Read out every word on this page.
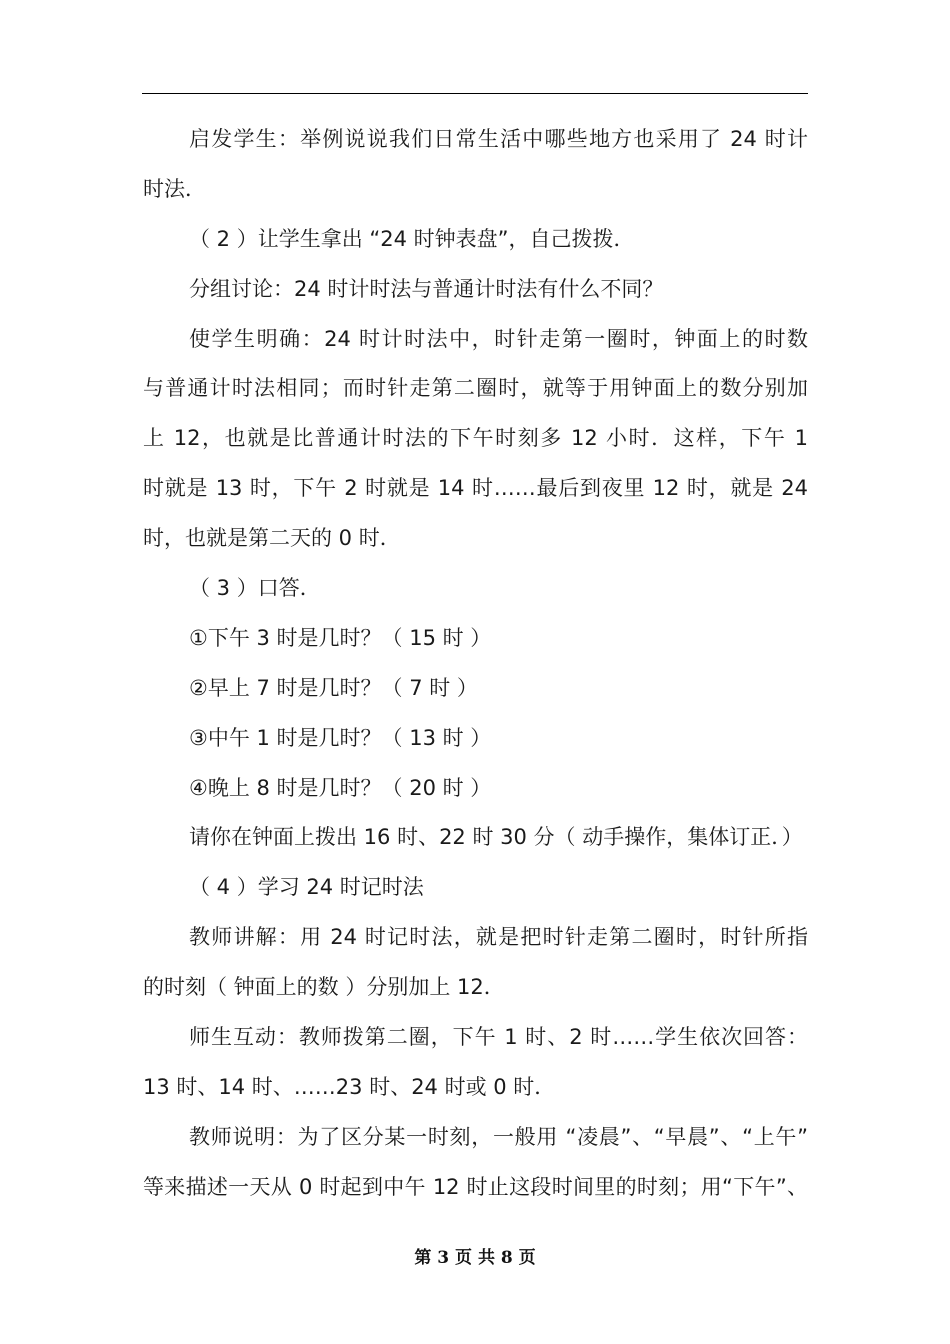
启发学生：举例说说我们日常生活中哪些地方也采用了 24 时计
时法．
（ 2 ）让学生拿出 “24 时钟表盘”，自己拨拨．
分组讨论：24 时计时法与普通计时法有什么不同？
使学生明确：24 时计时法中，时针走第一圈时，钟面上的时数
与普通计时法相同；而时针走第二圈时，就等于用钟面上的数分别加
上 12，也就是比普通计时法的下午时刻多 12 小时．这样，下午 1
时就是 13 时，下午 2 时就是 14 时……最后到夜里 12 时，就是 24
时，也就是第二天的 0 时．
（ 3 ）口答．
①下午 3 时是几时？（ 15 时 ）
②早上 7 时是几时？（ 7 时 ）
③中午 1 时是几时？（ 13 时 ）
④晚上 8 时是几时？（ 20 时 ）
请你在钟面上拨出 16 时、22 时 30 分（ 动手操作，集体订正．）
（ 4 ）学习 24 时记时法
教师讲解：用 24 时记时法，就是把时针走第二圈时，时针所指
的时刻（ 钟面上的数 ）分别加上 12．
师生互动：教师拨第二圈，下午 1 时、2 时……学生依次回答：
13 时、14 时、……23 时、24 时或 0 时．
教师说明：为了区分某一时刻，一般用 “凌晨”、“早晨”、“上午”
等来描述一天从 0 时起到中午 12 时止这段时间里的时刻；用“下午”、
第 3 页 共 8 页
